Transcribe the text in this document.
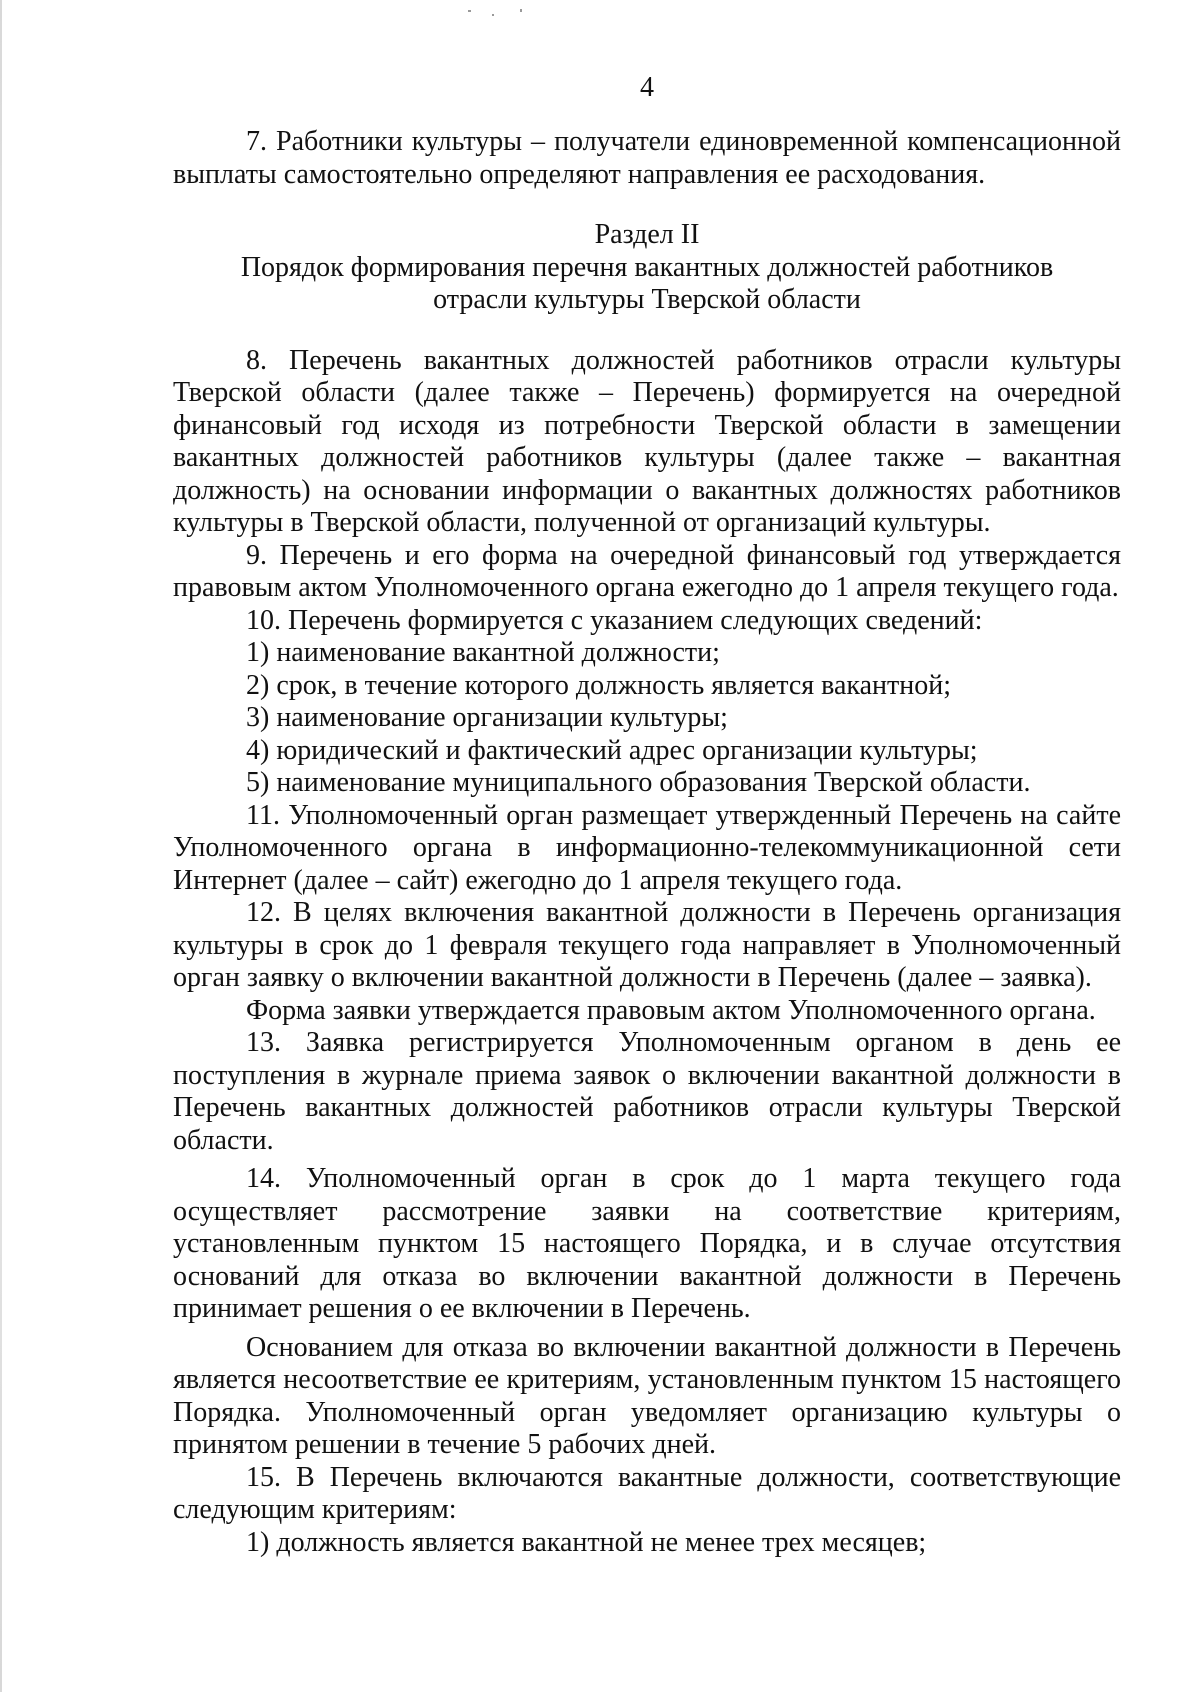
4

7. Работники культуры – получатели единовременной компенсационной выплаты самостоятельно определяют направления ее расходования.

Раздел II

Порядок формирования перечня вакантных должностей работников

отрасли культуры Тверской области

8. Перечень вакантных должностей работников отрасли культуры Тверской области (далее также – Перечень) формируется на очередной финансовый год исходя из потребности Тверской области в замещении вакантных должностей работников культуры (далее также – вакантная должность) на основании информации о вакантных должностях работников культуры в Тверской области, полученной от организаций культуры.

9. Перечень и его форма на очередной финансовый год утверждается правовым актом Уполномоченного органа ежегодно до 1 апреля текущего года.

10. Перечень формируется с указанием следующих сведений:

1) наименование вакантной должности;
2) срок, в течение которого должность является вакантной;
3) наименование организации культуры;
4) юридический и фактический адрес организации культуры;
5) наименование муниципального образования Тверской области.

11. Уполномоченный орган размещает утвержденный Перечень на сайте Уполномоченного органа в информационно-телекоммуникационной сети Интернет (далее – сайт) ежегодно до 1 апреля текущего года.

12. В целях включения вакантной должности в Перечень организация культуры в срок до 1 февраля текущего года направляет в Уполномоченный орган заявку о включении вакантной должности в Перечень (далее – заявка).

Форма заявки утверждается правовым актом Уполномоченного органа.

13. Заявка регистрируется Уполномоченным органом в день ее поступления в журнале приема заявок о включении вакантной должности в Перечень вакантных должностей работников отрасли культуры Тверской области.

14. Уполномоченный орган в срок до 1 марта текущего года осуществляет рассмотрение заявки на соответствие критериям, установленным пунктом 15 настоящего Порядка, и в случае отсутствия оснований для отказа во включении вакантной должности в Перечень принимает решения о ее включении в Перечень.

Основанием для отказа во включении вакантной должности в Перечень является несоответствие ее критериям, установленным пунктом 15 настоящего Порядка. Уполномоченный орган уведомляет организацию культуры о принятом решении в течение 5 рабочих дней.

15. В Перечень включаются вакантные должности, соответствующие следующим критериям:

1) должность является вакантной не менее трех месяцев;
